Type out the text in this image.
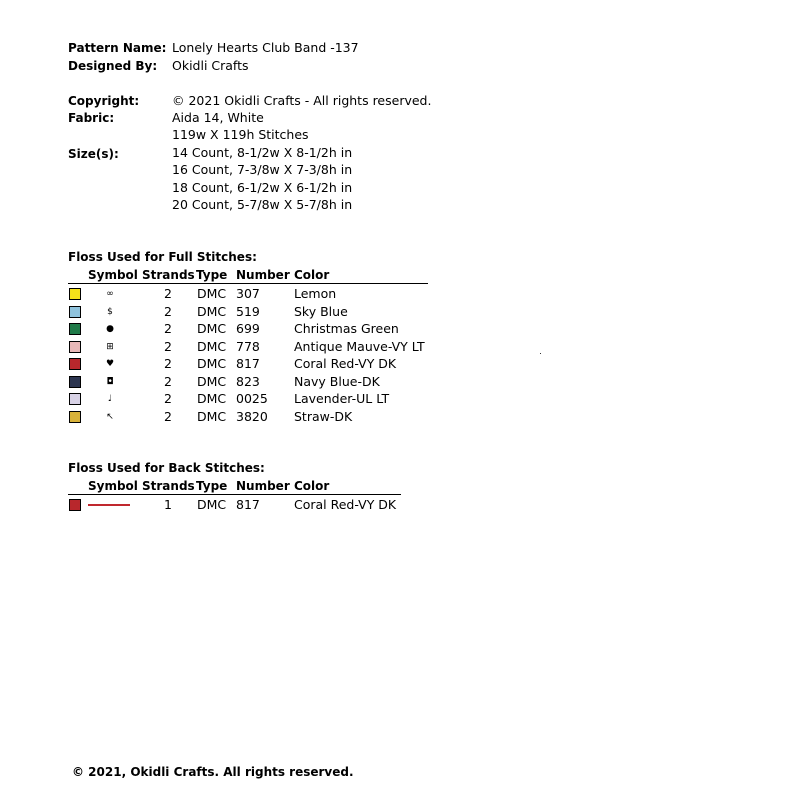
Pattern Name: Lonely Hearts Club Band -137
Designed By: Okidli Crafts
Copyright:	© 2021 Okidli Crafts - All rights reserved.
Fabric:	Aida 14, White
119w X 119h Stitches
Size(s):	14 Count, 8-1/2w X 8-1/2h in
16 Count, 7-3/8w X 7-3/8h in
18 Count, 6-1/2w X 6-1/2h in
20 Count, 5-7/8w X 5-7/8h in
Floss Used for Full Stitches:
Symbol Strands Type Number Color
∞	2 DMC 307	Lemon
$	2 DMC 519	Sky Blue
●	2 DMC 699	Christmas Green
⊞	2 DMC 778	Antique Mauve-VY LT
♥	2 DMC 817	Coral Red-VY DK
◘	2 DMC 823	Navy Blue-DK
♩	2 DMC 0025 Lavender-UL LT
↖	2 DMC 3820 Straw-DK
Floss Used for Back Stitches:
Symbol Strands Type Number Color
1 DMC 817	Coral Red-VY DK
© 2021, Okidli Crafts. All rights reserved.
